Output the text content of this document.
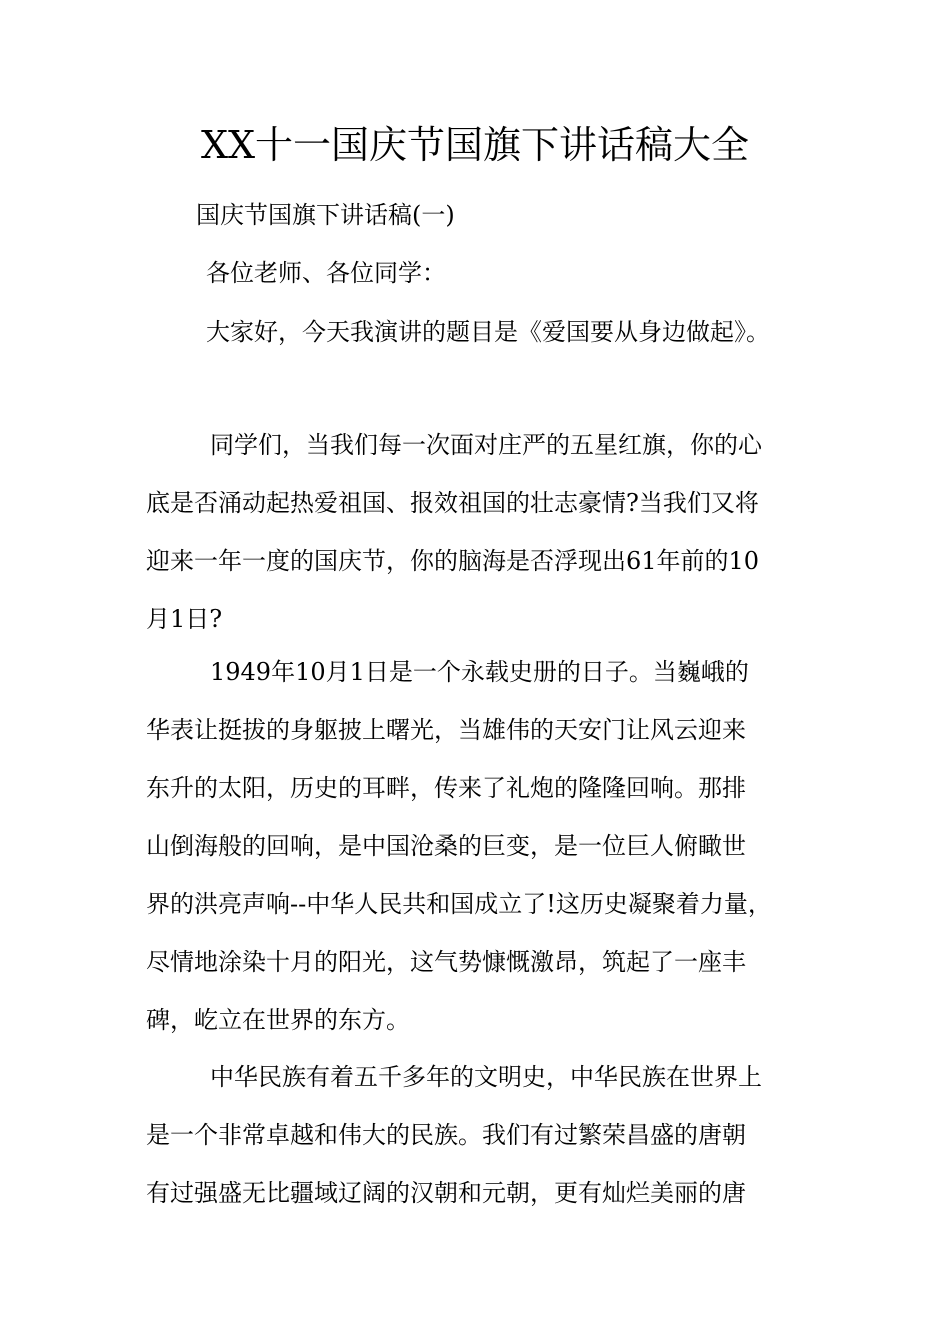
XX十一国庆节国旗下讲话稿大全

国庆节国旗下讲话稿(一)

各位老师、各位同学：

大家好，今天我演讲的题目是《爱国要从身边做起》。

同学们，当我们每一次面对庄严的五星红旗，你的心
底是否涌动起热爱祖国、报效祖国的壮志豪情?当我们又将
迎来一年一度的国庆节，你的脑海是否浮现出61年前的10
月1日?
1949年10月1日是一个永载史册的日子。当巍峨的
华表让挺拔的身躯披上曙光，当雄伟的天安门让风云迎来
东升的太阳，历史的耳畔，传来了礼炮的隆隆回响。那排
山倒海般的回响，是中国沧桑的巨变，是一位巨人俯瞰世
界的洪亮声响--中华人民共和国成立了!这历史凝聚着力量，
尽情地涂染十月的阳光，这气势慷慨激昂，筑起了一座丰
碑，屹立在世界的东方。
中华民族有着五千多年的文明史，中华民族在世界上
是一个非常卓越和伟大的民族。我们有过繁荣昌盛的唐朝
有过强盛无比疆域辽阔的汉朝和元朝，更有灿烂美丽的唐
